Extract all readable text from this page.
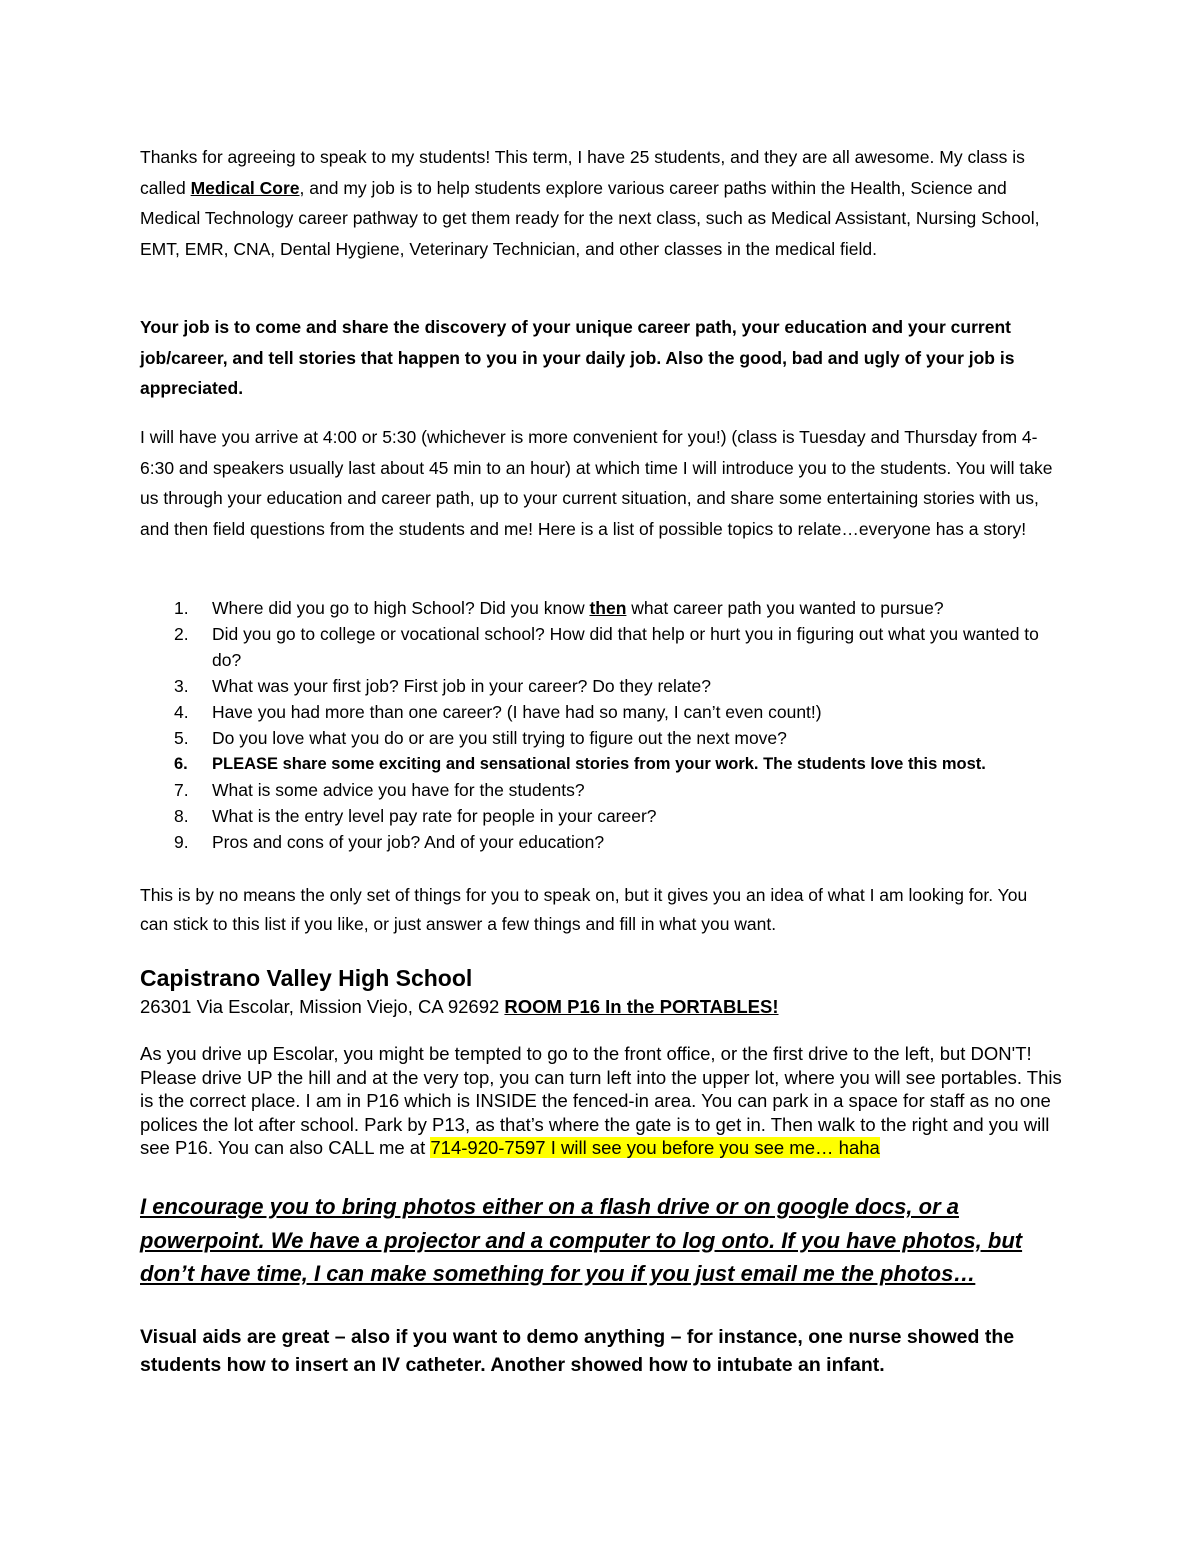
Thanks for agreeing to speak to my students! This term, I have 25 students, and they are all awesome. My class is called Medical Core, and my job is to help students explore various career paths within the Health, Science and Medical Technology career pathway to get them ready for the next class, such as Medical Assistant, Nursing School, EMT, EMR, CNA, Dental Hygiene, Veterinary Technician, and other classes in the medical field.
Your job is to come and share the discovery of your unique career path, your education and your current job/career, and tell stories that happen to you in your daily job. Also the good, bad and ugly of your job is appreciated.
I will have you arrive at 4:00 or 5:30 (whichever is more convenient for you!) (class is Tuesday and Thursday from 4-6:30 and speakers usually last about 45 min to an hour) at which time I will introduce you to the students. You will take us through your education and career path, up to your current situation, and share some entertaining stories with us, and then field questions from the students and me! Here is a list of possible topics to relate…everyone has a story!
1. Where did you go to high School? Did you know then what career path you wanted to pursue?
2. Did you go to college or vocational school? How did that help or hurt you in figuring out what you wanted to do?
3. What was your first job? First job in your career? Do they relate?
4. Have you had more than one career? (I have had so many, I can’t even count!)
5. Do you love what you do or are you still trying to figure out the next move?
6. PLEASE share some exciting and sensational stories from your work. The students love this most.
7. What is some advice you have for the students?
8. What is the entry level pay rate for people in your career?
9. Pros and cons of your job? And of your education?
This is by no means the only set of things for you to speak on, but it gives you an idea of what I am looking for. You can stick to this list if you like, or just answer a few things and fill in what you want.
Capistrano Valley High School
26301 Via Escolar, Mission Viejo, CA 92692 ROOM P16 In the PORTABLES!
As you drive up Escolar, you might be tempted to go to the front office, or the first drive to the left, but DON'T! Please drive UP the hill and at the very top, you can turn left into the upper lot, where you will see portables. This is the correct place. I am in P16 which is INSIDE the fenced-in area. You can park in a space for staff as no one polices the lot after school. Park by P13, as that’s where the gate is to get in. Then walk to the right and you will see P16. You can also CALL me at 714-920-7597 I will see you before you see me… haha
I encourage you to bring photos either on a flash drive or on google docs, or a powerpoint. We have a projector and a computer to log onto. If you have photos, but don’t have time, I can make something for you if you just email me the photos…
Visual aids are great – also if you want to demo anything – for instance, one nurse showed the students how to insert an IV catheter. Another showed how to intubate an infant.
